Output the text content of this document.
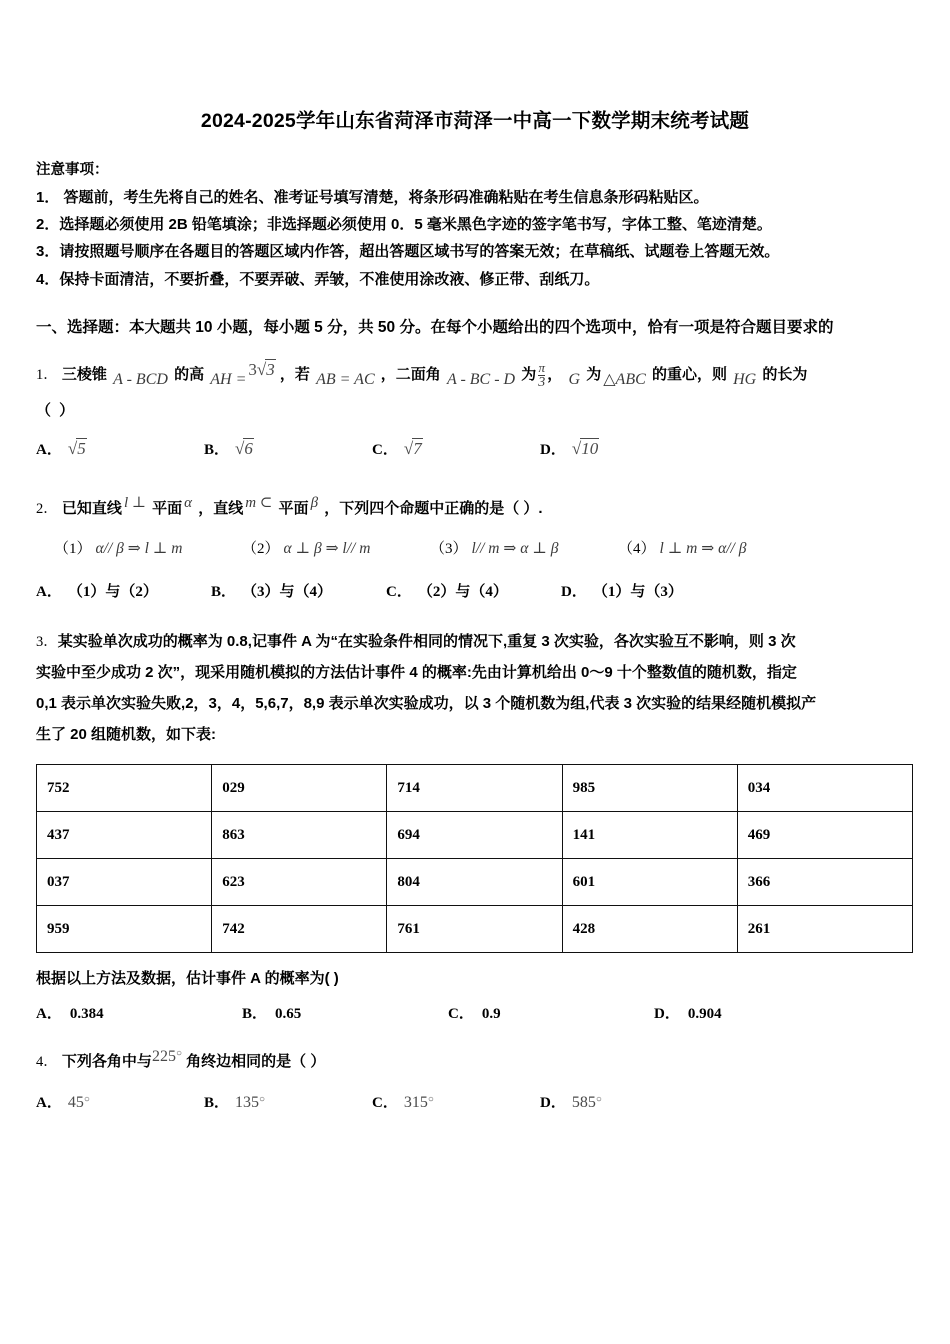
2024-2025学年山东省菏泽市菏泽一中高一下数学期末统考试题
注意事项：
1． 答题前，考生先将自己的姓名、准考证号填写清楚，将条形码准确粘贴在考生信息条形码粘贴区。
2．选择题必须使用 2B 铅笔填涂；非选择题必须使用 0．5 毫米黑色字迹的签字笔书写，字体工整、笔迹清楚。
3．请按照题号顺序在各题目的答题区域内作答，超出答题区域书写的答案无效；在草稿纸、试题卷上答题无效。
4．保持卡面清洁，不要折叠，不要弄破、弄皱，不准使用涂改液、修正带、刮纸刀。
一、选择题：本大题共 10 小题，每小题 5 分，共 50 分。在每个小题给出的四个选项中，恰有一项是符合题目要求的
1． 三棱锥 A - BCD 的高 AH =3√3 ，若 AB = AC ，二面角 A - BC - D 为 $\frac{\pi}{3}$ ， G 为 △ABC 的重心，则 HG 的长为
（ ）
A． √5	B． √6	C． √7	D． √10
2． 已知直线 l ⊥ 平面 α ，直线 m ⊂ 平面 β ，下列四个命题中正确的是（ ）.
（1） α// β ⇒ l ⊥ m	（2） α ⊥ β ⇒ l// m	（3） l// m ⇒ α ⊥ β	（4） l ⊥ m ⇒ α// β
A． （1）与（2）	B． （3）与（4）	C． （2）与（4）	D． （1）与（3）
3．某实验单次成功的概率为 0.8,记事件 A 为“在实验条件相同的情况下,重复 3 次实验，各次实验互不影响，则 3 次
实验中至少成功 2 次”，现采用随机模拟的方法估计事件 4 的概率:先由计算机给出 0～9 十个整数值的随机数，指定
0,1 表示单次实验失败,2，3，4，5,6,7，8,9 表示单次实验成功，以 3 个随机数为组,代表 3 次实验的结果经随机模拟产
生了 20 组随机数，如下表:
752	029	714	985	034
437	863	694	141	469
037	623	804	601	366
959	742	761	428	261
根据以上方法及数据，估计事件 A 的概率为( )
A． 0.384	B． 0.65	C． 0.9	D． 0.904
4． 下列各角中与225○ 角终边相同的是（ ）
A． 45○	B． 135○	C． 315○	D． 585○
